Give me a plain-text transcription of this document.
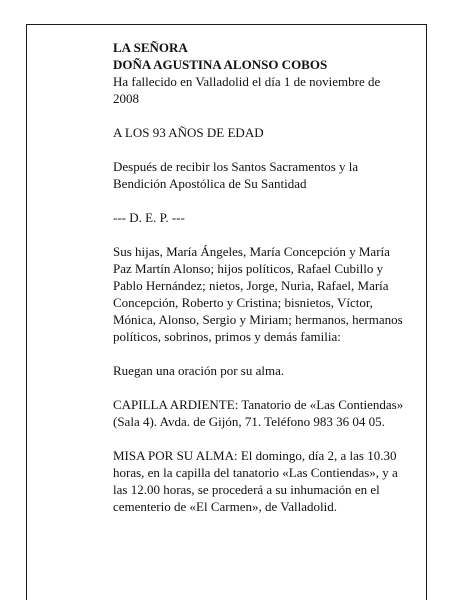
LA SEÑORA
DOÑA AGUSTINA ALONSO COBOS
Ha fallecido en Valladolid el día 1 de noviembre de
2008
A LOS 93 AÑOS DE EDAD
Después de recibir los Santos Sacramentos y la
Bendición Apostólica de Su Santidad
--- D. E. P. ---
Sus hijas, María Ángeles, María Concepción y María
Paz Martín Alonso; hijos políticos, Rafael Cubillo y
Pablo Hernández; nietos, Jorge, Nuria, Rafael, María
Concepción, Roberto y Cristina; bisnietos, Víctor,
Mónica, Alonso, Sergio y Miriam; hermanos, hermanos
políticos, sobrinos, primos y demás familia:
Ruegan una oración por su alma.
CAPILLA ARDIENTE: Tanatorio de «Las Contiendas»
(Sala 4). Avda. de Gijón, 71. Teléfono 983 36 04 05.
MISA POR SU ALMA: El domingo, día 2, a las 10.30
horas, en la capilla del tanatorio «Las Contiendas», y a
las 12.00 horas, se procederá a su inhumación en el
cementerio de «El Carmen», de Valladolid.
